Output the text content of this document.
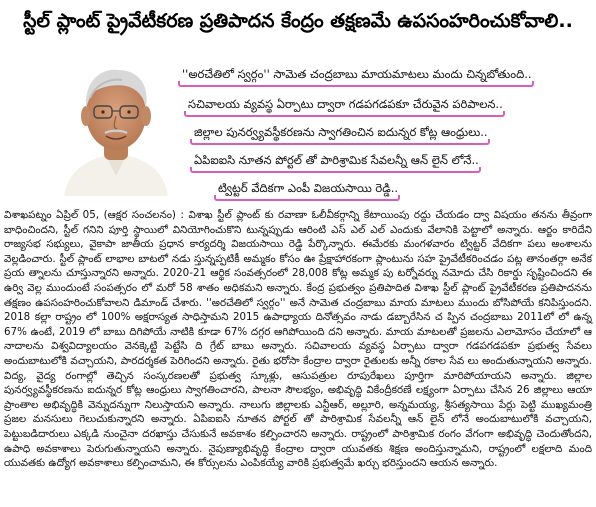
స్టీల్ ప్లాంట్ ప్రైవేటీకరణ ప్రతిపాదన కేంద్రం తక్షణమే ఉపసంహరించుకోవాలి..
''అరచేతిలో స్వర్గం'' సామెత చంద్రబాబు మాయమాటలు మందు చిన్నబోతుంది..
సచివాలయ వ్యవస్థ ఏర్పాటు ద్వారా గడపగడపకూ చేరువైన పరిపాలన..
జిల్లాల పునర్వ్యవస్థీకరణను స్వాగతించిన ఐదున్నర కోట్ల ఆంధ్రులు..
ఏపిఐఐసి నూతన పోర్టల్ తో పారిశ్రామిక సేవలన్నీ ఆన్ లైన్ లోనే..
ట్విట్టర్ వేదికగా ఎంపీ విజయసాయి రెడ్డి..
విశాఖపట్నం ఏప్రిల్ 05, (ఆక్షర సంచలనం) : విశాఖ స్టీల్ ప్లాంట్ కు రవాణా ఓలీవీకర్గాన్ని కేటాయింపు రద్దు చేయడం ద్వా విషయం తనను తీవ్రంగా బాధించిందని, స్టీల్ గనిని పూర్తి స్థాయిలో వినియోగించుకొని టున్నప్పుడు ఆరింటి ఎస్ ఎల్ ఎల్ ఎందుకు వేలానికి పెట్టాలో అన్నారు. ఆర్జం కారిదేని రాజ్యసభ సభ్యులు, వైకాపా జాతీయ ప్రధాన కార్యదర్శి విజయసాయి రెడ్డి పేర్కొన్నారు. ఈమేరకు మంగళవారం ట్విట్టర్ వేదికగా పలు అంశాలను వెల్లడించారు. స్టీల్ ప్లాంట్ లాభాల బాటలో నడు స్తున్నప్పటికీ అమ్మకం కోసం ఊ ప్రేక్షాహారకంగా ప్లాంటును సహ ప్రైవేటీకరించడం పట్ల తానంతర్గా అనేక ప్రయ త్నాలను చూస్తున్నారని అన్నారు. 2020-21 ఆర్థిక సంవత్సరంలో 28,008 కోట్ల అమ్మక పు టర్నోవర్ను నమోదు చేసి రికార్డు సృష్టించిందని ఈ ఉర్వి వెల్ల ముందుంటే సంపత్సరం లో మరో 58 శాతం అధికమని అన్నారు. కేంద్ర ప్రభుత్వం ప్రతిపాదిత విశాఖ స్టీల్ ప్లాంట్ ప్రైవేటీకరణ ప్రతిపాదనను తక్షణం ఉపసంహరించుకోవాలని డిమాండ్ చేశారు. ''అరచేతిలో స్వర్గం'' అనే సామెత చంద్రబాబు మాయ మాటలు ముందు బోసిపోయే కనిపిస్తుందని. 2018 కల్లా రాష్ట్రం లో 100% అక్షరాస్యత సాధిస్తామని 2015 ఉపాధ్యాయ దినోత్సవం నాడు డబ్బారేసిన చ ప్పిన చంద్రబాబు 2011లో లో ఉన్న 67% ఉంటే, 2019 లో బాబు దిగిపోయే నాటికి కూడా 67% దగ్గర ఆగిపోయింది దని అన్నారు. మాయ మాటలతో ప్రజలను ఎలామోసం చేయాలో ఆ నాదాలను విశ్వవిద్యాలయం వెనక్కెట్టి పెట్టేసి ది గ్రేట్ బాబు అన్నారు. సచివాలయ వ్యవస్థ ఏర్పాటు ద్వారా గడపగడపకూ ప్రభుత్వ సేవలు అందుబాటులోకి వచ్చాయని, పారదర్శకత పెరిగిందని అన్నారు. రైతు భరోసా కేంద్రాల ద్వారా రైతులకు అన్నీ రకాల సేవ లు అందుతున్నాయని అన్నారు. విద్య, వైద్య రంగాల్లో తెచ్చిన సంస్కరణలతో ప్రభుత్వ స్కూళ్లు, ఆసుపత్రుల రూపురేఖలు పూర్తిగా మారిపోయాయని అన్నారు. జిల్లాల పునర్వ్యవస్థీకరణను ఐదున్నర కోట్ల ఆంధ్రులు స్వాగతించారని, పాలనా సౌలభ్యం, అభివృద్ధి వికేంద్రీకరణే లక్ష్యంగా ఏర్పాటు చేసిన 26 జిల్లాలు ఆయా ప్రాంతాల అభివృద్ధికి వెన్నుదన్నుగా నిలుస్తాయని అన్నారు. నాలుగు జిల్లాలకు ఎన్టీఆర్, అల్లూరి, అన్నమయ్య, శ్రీసత్యసాయి పేర్లు పెట్టి ముఖ్యమంత్రి ప్రజల మనసులు గెలుచుకున్నారని అన్నారు. ఏపిఐఐసి నూతన పోర్టల్ తో పారిశ్రామిక సేవలన్నీ ఆన్ లైన్ లోనే అందుబాటులోకి వచ్చాయని, పెట్టుబడిదారులు ఎక్కడి నుంచైనా దరఖాస్తు చేసుకునే అవకాశం కల్పించారని అన్నారు. రాష్ట్రంలో పారిశ్రామిక రంగం వేగంగా అభివృద్ధి చెందుతోందని, ఉపాధి అవకాశాలు పెరుగుతున్నాయని అన్నారు. నైపుణ్యాభివృద్ధి కేంద్రాల ద్వారా యువతకు శిక్షణ అందిస్తున్నామని, రాష్ట్రంలో లక్షలాది మంది యువతకు ఉద్యోగ అవకాశాలు కల్పించామని, ఈ కోర్సులను ఎంపికయ్యే వారికి ప్రభుత్వమే ఖర్చు భరిస్తుందని ఆయన అన్నారు.
